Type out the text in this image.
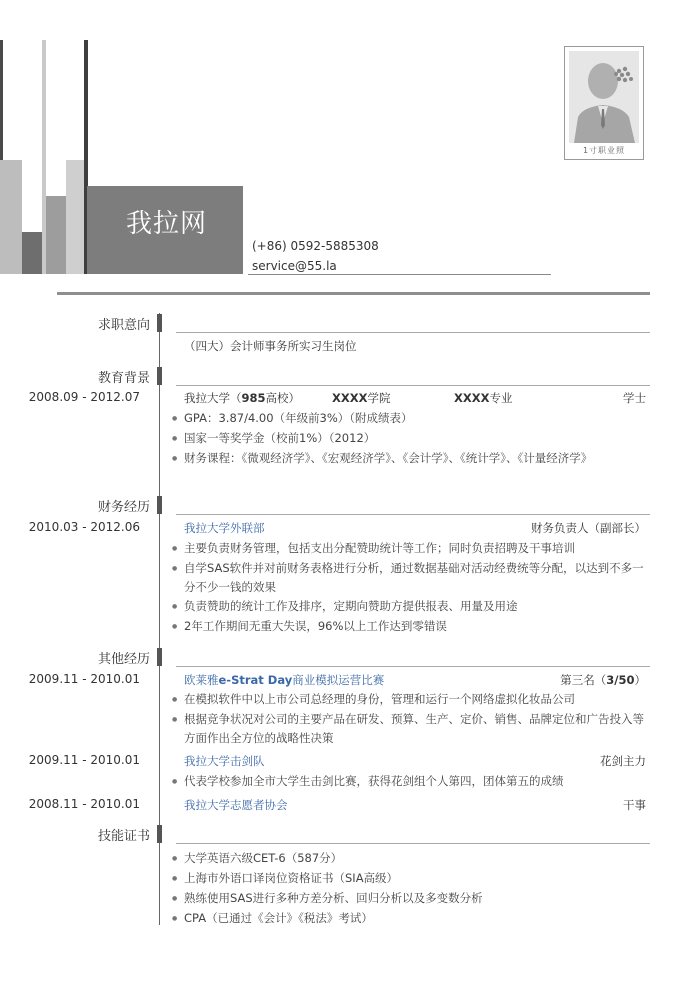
我拉网
(+86) 0592-5885308
service@55.la
1寸职业照
求职意向
（四大）会计师事务所实习生岗位
教育背景
2008.09 - 2012.07	我拉大学（985高校）	XXXX学院	XXXX专业	学士
● GPA：3.87/4.00（年级前3%）（附成绩表）
● 国家一等奖学金（校前1%）（2012）
● 财务课程：《微观经济学》、《宏观经济学》、《会计学》、《统计学》、《计量经济学》
财务经历
2010.03 - 2012.06	我拉大学外联部	财务负责人（副部长）
● 主要负责财务管理，包括支出分配赞助统计等工作；同时负责招聘及干事培训
● 自学SAS软件并对前财务表格进行分析，通过数据基础对活动经费统等分配，以达到不多一分不少一钱的效果
● 负责赞助的统计工作及排序，定期向赞助方提供报表、用量及用途
● 2年工作期间无重大失误，96%以上工作达到零错误
其他经历
2009.11 - 2010.01	欧莱雅e-Strat Day商业模拟运营比赛	第三名（3/50）
● 在模拟软件中以上市公司总经理的身份，管理和运行一个网络虚拟化妆品公司
● 根据竞争状况对公司的主要产品在研发、预算、生产、定价、销售、品牌定位和广告投入等方面作出全方位的战略性决策
2009.11 - 2010.01	我拉大学击剑队	花剑主力
● 代表学校参加全市大学生击剑比赛，获得花剑组个人第四，团体第五的成绩
2008.11 - 2010.01	我拉大学志愿者协会	干事
技能证书
● 大学英语六级CET-6（587分）
● 上海市外语口译岗位资格证书（SIA高级）
● 熟练使用SAS进行多种方差分析、回归分析以及多变数分析
● CPA（已通过《会计》《税法》考试）
